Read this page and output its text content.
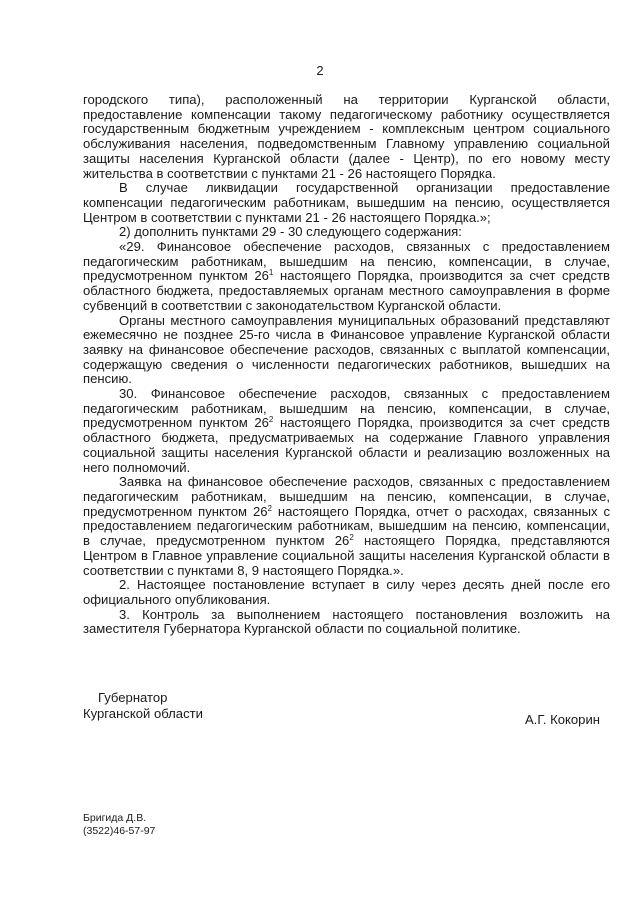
2

городского типа), расположенный на территории Курганской области, предоставление компенсации такому педагогическому работнику осуществляется государственным бюджетным учреждением - комплексным центром социального обслуживания населения, подведомственным Главному управлению социальной защиты населения Курганской области (далее - Центр), по его новому месту жительства в соответствии с пунктами 21 - 26 настоящего Порядка.

В случае ликвидации государственной организации предоставление компенсации педагогическим работникам, вышедшим на пенсию, осуществляется Центром в соответствии с пунктами 21 - 26 настоящего Порядка.»;

2) дополнить пунктами 29 - 30 следующего содержания:

«29. Финансовое обеспечение расходов, связанных с предоставлением педагогическим работникам, вышедшим на пенсию, компенсации, в случае, предусмотренном пунктом $26^1$ настоящего Порядка, производится за счет средств областного бюджета, предоставляемых органам местного самоуправления в форме субвенций в соответствии с законодательством Курганской области.

Органы местного самоуправления муниципальных образований представляют ежемесячно не позднее 25-го числа в Финансовое управление Курганской области заявку на финансовое обеспечение расходов, связанных с выплатой компенсации, содержащую сведения о численности педагогических работников, вышедших на пенсию.

30. Финансовое обеспечение расходов, связанных с предоставлением педагогическим работникам, вышедшим на пенсию, компенсации, в случае, предусмотренном пунктом $26^2$ настоящего Порядка, производится за счет средств областного бюджета, предусматриваемых на содержание Главного управления социальной защиты населения Курганской области и реализацию возложенных на него полномочий.

Заявка на финансовое обеспечение расходов, связанных с предоставлением педагогическим работникам, вышедшим на пенсию, компенсации, в случае, предусмотренном пунктом $26^2$ настоящего Порядка, отчет о расходах, связанных с предоставлением педагогическим работникам, вышедшим на пенсию, компенсации, в случае, предусмотренном пунктом $26^2$ настоящего Порядка, представляются Центром в Главное управление социальной защиты населения Курганской области в соответствии с пунктами 8, 9 настоящего Порядка.».

2. Настоящее постановление вступает в силу через десять дней после его официального опубликования.

3. Контроль за выполнением настоящего постановления возложить на заместителя Губернатора Курганской области по социальной политике.

Губернатор
Курганской области	А.Г. Кокорин
Бригида Д.В.
(3522)46-57-97
